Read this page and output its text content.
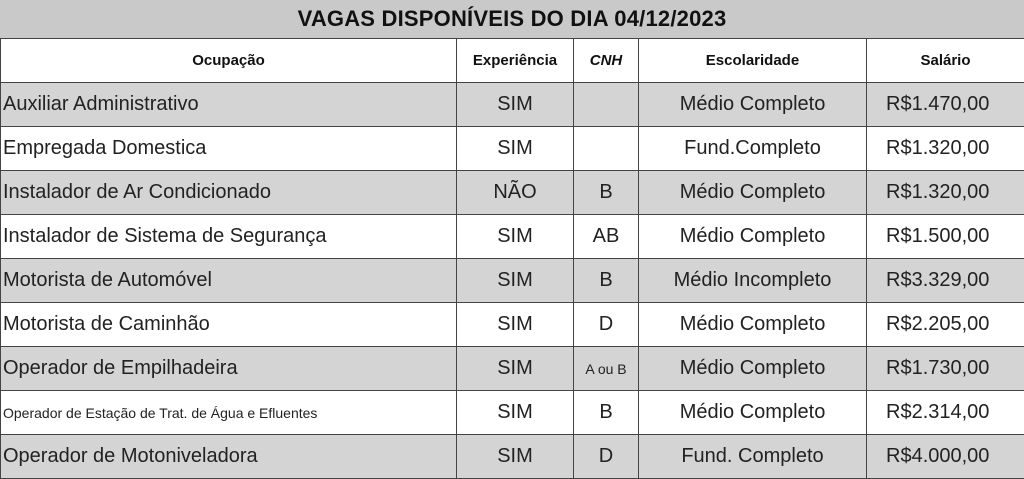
VAGAS DISPONÍVEIS DO DIA 04/12/2023
Ocupação	Experiência	CNH	Escolaridade	Salário
Auxiliar Administrativo	SIM		Médio Completo	R$1.470,00
Empregada Domestica	SIM		Fund.Completo	R$1.320,00
Instalador de Ar Condicionado	NÃO	B	Médio Completo	R$1.320,00
Instalador de Sistema de Segurança	SIM	AB	Médio Completo	R$1.500,00
Motorista de Automóvel	SIM	B	Médio Incompleto	R$3.329,00
Motorista de Caminhão	SIM	D	Médio Completo	R$2.205,00
Operador de Empilhadeira	SIM	A ou B	Médio Completo	R$1.730,00
Operador de Estação de Trat. de Água e Efluentes	SIM	B	Médio Completo	R$2.314,00
Operador de Motoniveladora	SIM	D	Fund. Completo	R$4.000,00
